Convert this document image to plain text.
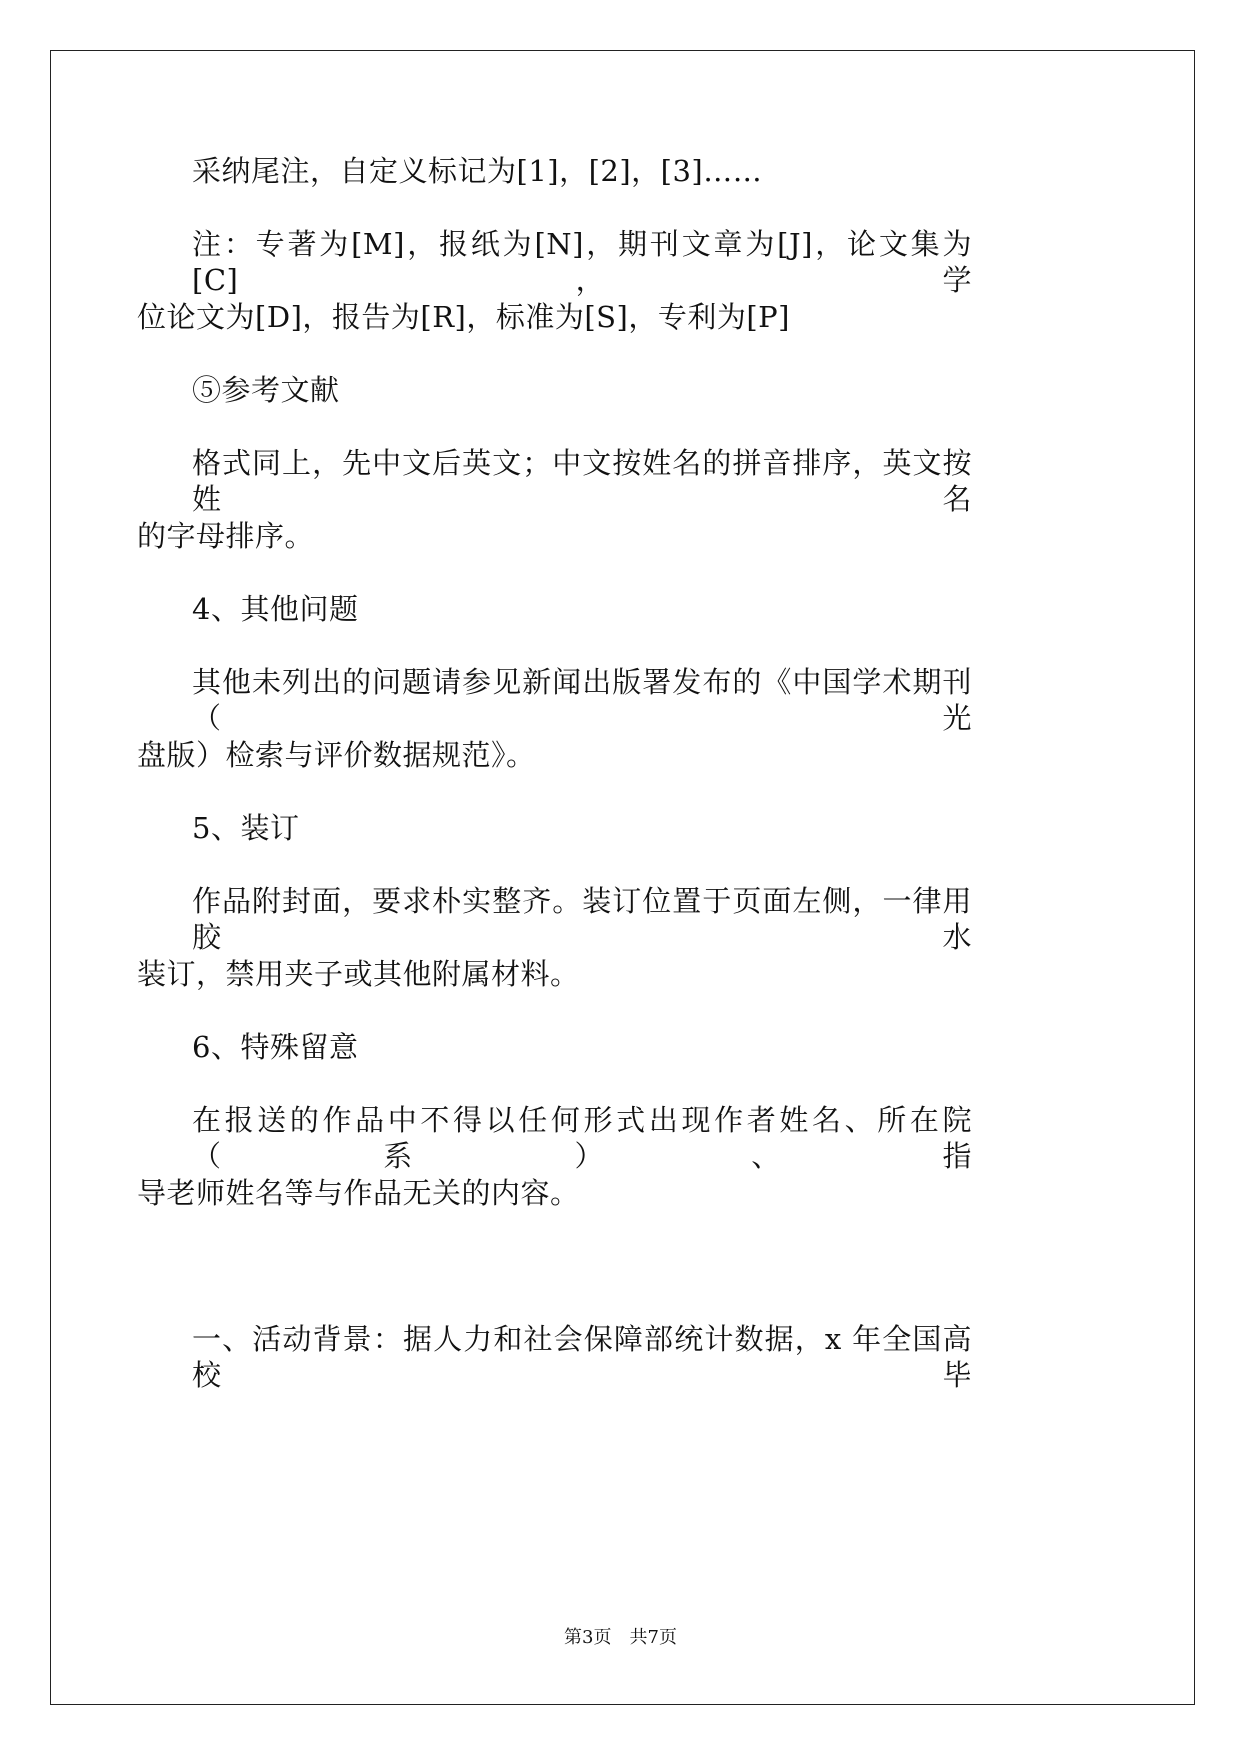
采纳尾注，自定义标记为[1]，[2]，[3]……
注：专著为[M]，报纸为[N]，期刊文章为[J]，论文集为[C]，学
位论文为[D]，报告为[R]，标准为[S]，专利为[P]
⑤参考文献
格式同上，先中文后英文；中文按姓名的拼音排序，英文按姓名
的字母排序。
4、其他问题
其他未列出的问题请参见新闻出版署发布的《中国学术期刊（光
盘版）检索与评价数据规范》。
5、装订
作品附封面，要求朴实整齐。装订位置于页面左侧，一律用胶水
装订，禁用夹子或其他附属材料。
6、特殊留意
在报送的作品中不得以任何形式出现作者姓名、所在院（系）、指
导老师姓名等与作品无关的内容。
一、活动背景：据人力和社会保障部统计数据，x 年全国高校毕
第3页　共7页
